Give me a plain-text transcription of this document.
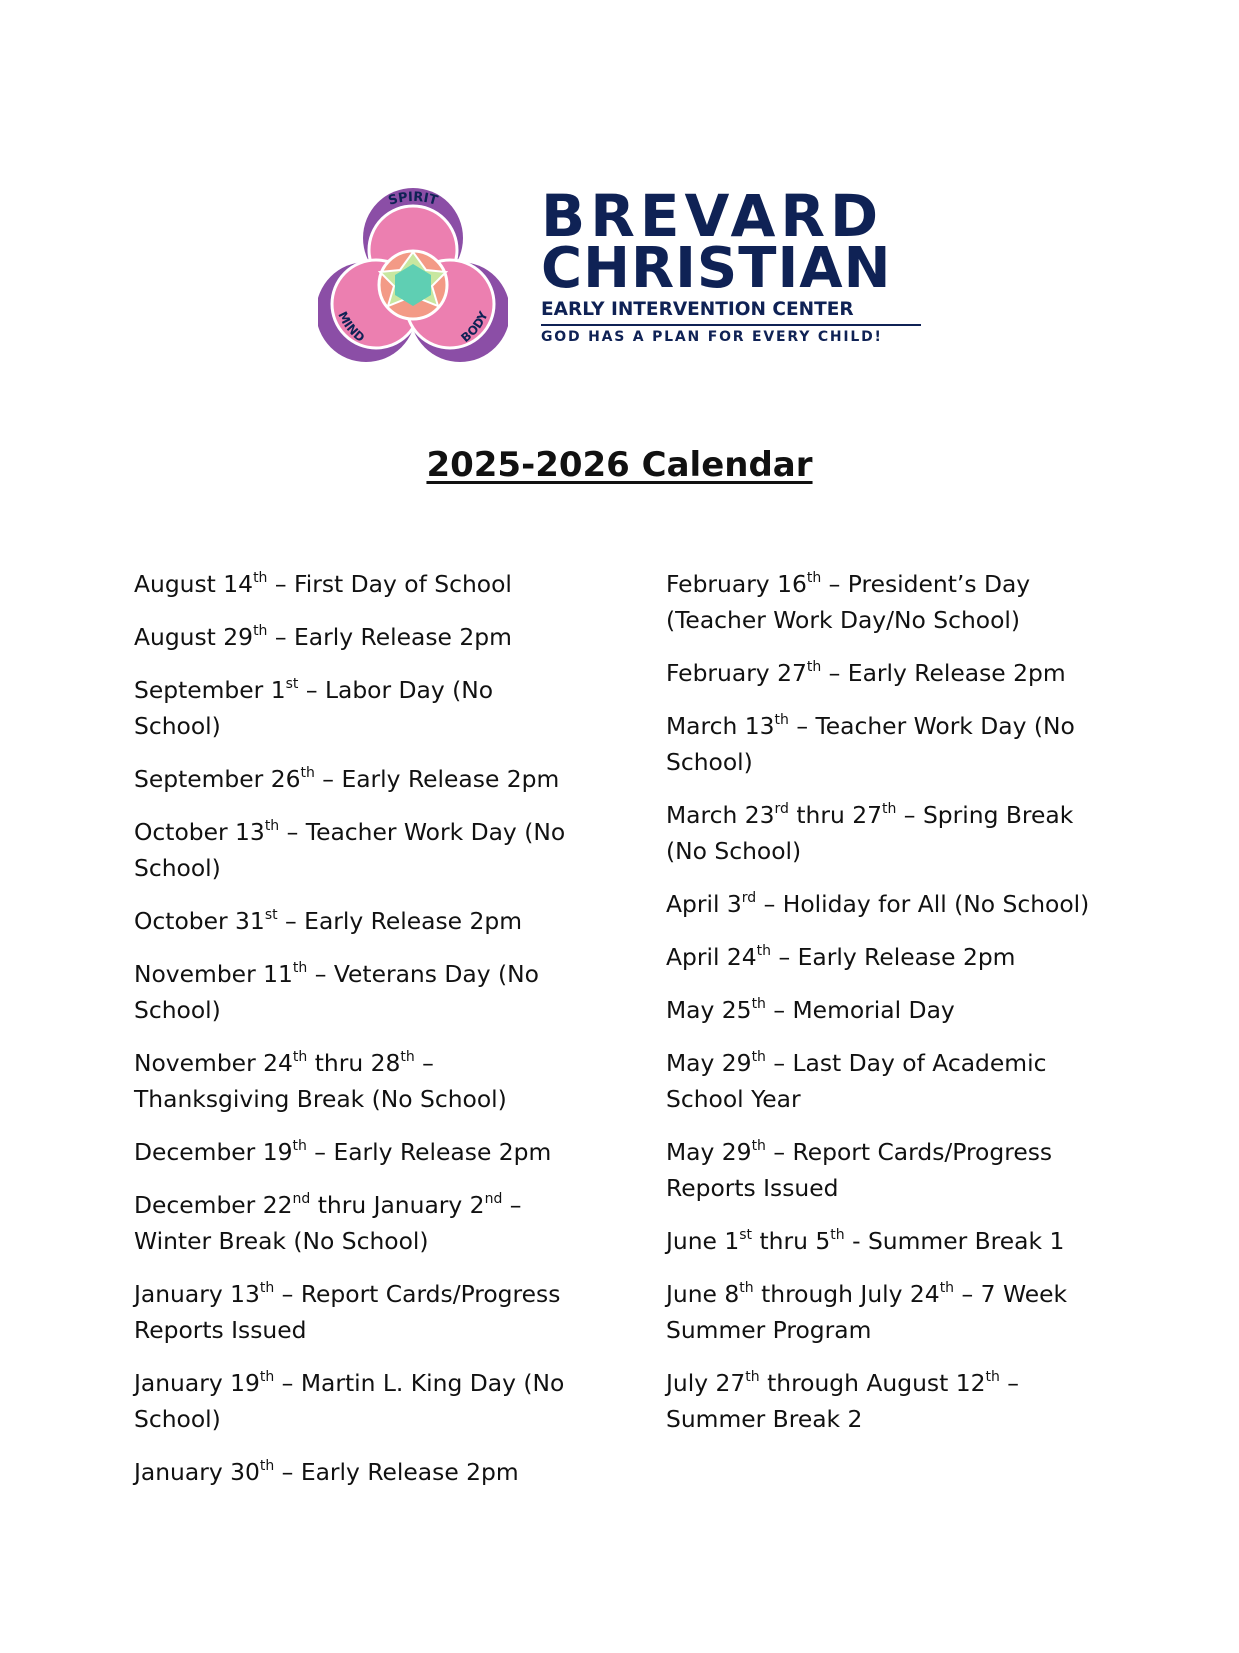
SPIRIT
MIND	BODY
BREVARD
CHRISTIAN
EARLY INTERVENTION CENTER
GOD HAS A PLAN FOR EVERY CHILD!
2025-2026 Calendar

August 14th – First Day of School

August 29th – Early Release 2pm

September 1st – Labor Day (No
School)

September 26th – Early Release 2pm

October 13th – Teacher Work Day (No
School)

October 31st – Early Release 2pm

November 11th – Veterans Day (No
School)

November 24th thru 28th –
Thanksgiving Break (No School)

December 19th – Early Release 2pm

December 22nd thru January 2nd –
Winter Break (No School)

January 13th – Report Cards/Progress
Reports Issued

January 19th – Martin L. King Day (No
School)

January 30th – Early Release 2pm

February 16th – President’s Day
(Teacher Work Day/No School)

February 27th – Early Release 2pm

March 13th – Teacher Work Day (No
School)

March 23rd thru 27th – Spring Break
(No School)

April 3rd – Holiday for All (No School)

April 24th – Early Release 2pm

May 25th – Memorial Day

May 29th – Last Day of Academic
School Year

May 29th – Report Cards/Progress
Reports Issued

June 1st thru 5th - Summer Break 1

June 8th through July 24th – 7 Week
Summer Program

July 27th through August 12th –
Summer Break 2
